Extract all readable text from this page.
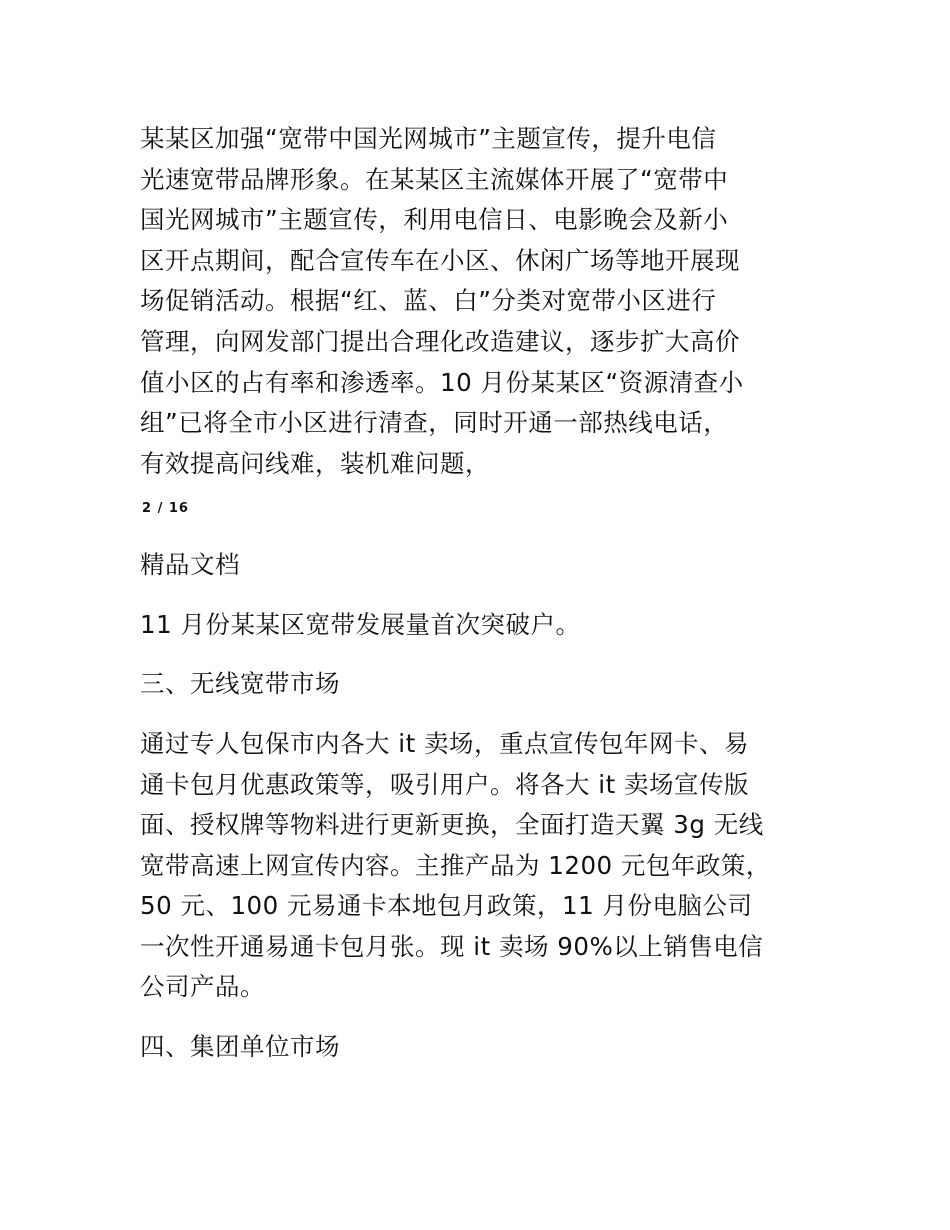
某某区加强“宽带中国光网城市”主题宣传，提升电信
光速宽带品牌形象。在某某区主流媒体开展了“宽带中
国光网城市”主题宣传，利用电信日、电影晚会及新小
区开点期间，配合宣传车在小区、休闲广场等地开展现
场促销活动。根据“红、蓝、白”分类对宽带小区进行
管理，向网发部门提出合理化改造建议，逐步扩大高价
值小区的占有率和渗透率。10 月份某某区“资源清查小
组”已将全市小区进行清查，同时开通一部热线电话，
有效提高问线难，装机难问题，
2 / 16
精品文档
11 月份某某区宽带发展量首次突破户。
三、无线宽带市场
通过专人包保市内各大 it 卖场，重点宣传包年网卡、易
通卡包月优惠政策等，吸引用户。将各大 it 卖场宣传版
面、授权牌等物料进行更新更换，全面打造天翼 3g 无线
宽带高速上网宣传内容。主推产品为 1200 元包年政策，
50 元、100 元易通卡本地包月政策，11 月份电脑公司
一次性开通易通卡包月张。现 it 卖场 90%以上销售电信
公司产品。
四、集团单位市场
